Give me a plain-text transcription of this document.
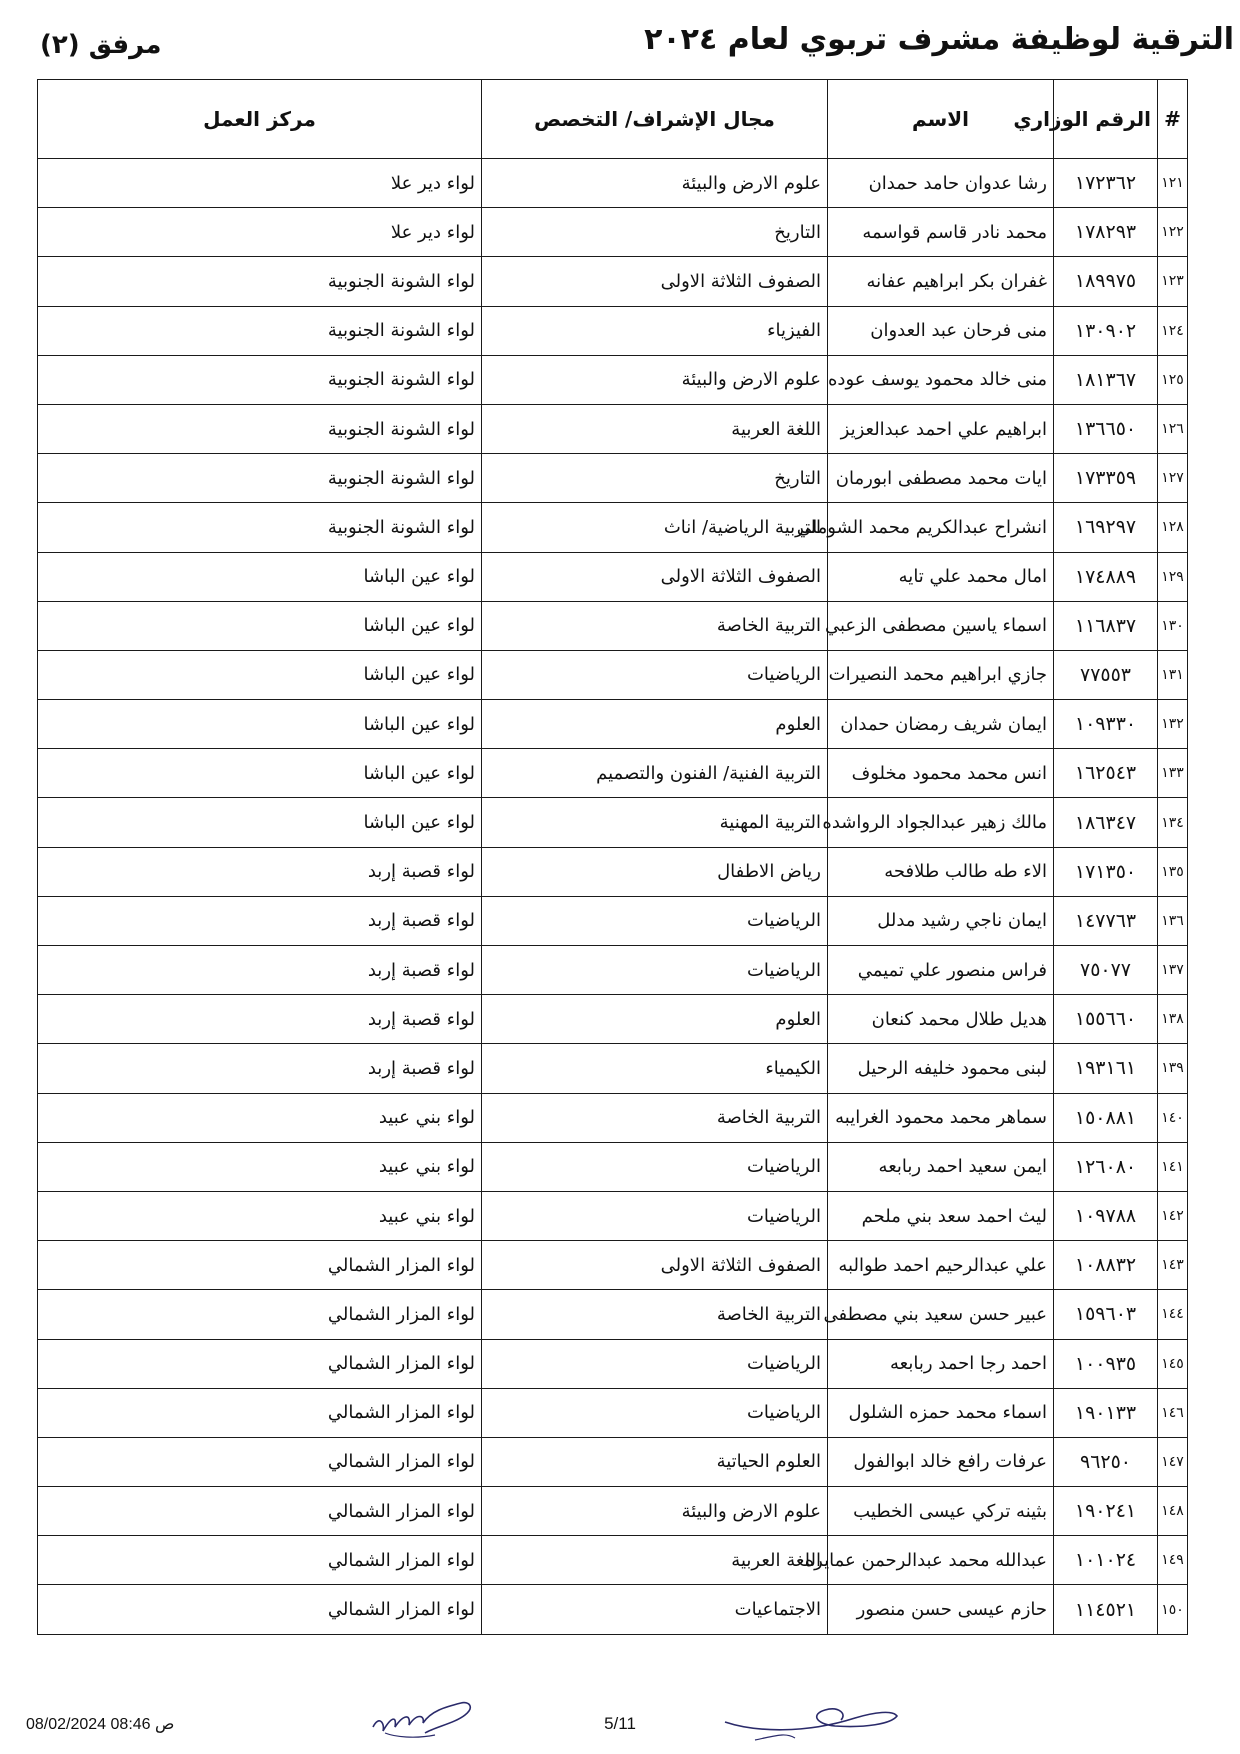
الترقية لوظيفة مشرف تربوي لعام ٢٠٢٤
مرفق (٢)
#	الرقم الوزاري	الاسم	مجال الإشراف/ التخصص	مركز العمل
١٢١	١٧٢٣٦٢	رشا عدوان حامد حمدان	علوم الارض والبيئة	لواء دير علا
١٢٢	١٧٨٢٩٣	محمد نادر قاسم قواسمه	التاريخ	لواء دير علا
١٢٣	١٨٩٩٧٥	غفران بكر ابراهيم عفانه	الصفوف الثلاثة الاولى	لواء الشونة الجنوبية
١٢٤	١٣٠٩٠٢	منى فرحان عبد العدوان	الفيزياء	لواء الشونة الجنوبية
١٢٥	١٨١٣٦٧	منى خالد محمود يوسف عوده	علوم الارض والبيئة	لواء الشونة الجنوبية
١٢٦	١٣٦٦٥٠	ابراهيم علي احمد عبدالعزيز	اللغة العربية	لواء الشونة الجنوبية
١٢٧	١٧٣٣٥٩	ايات محمد مصطفى ابورمان	التاريخ	لواء الشونة الجنوبية
١٢٨	١٦٩٢٩٧	انشراح عبدالكريم محمد الشوملي	التربية الرياضية/ اناث	لواء الشونة الجنوبية
١٢٩	١٧٤٨٨٩	امال محمد علي تايه	الصفوف الثلاثة الاولى	لواء عين الباشا
١٣٠	١١٦٨٣٧	اسماء ياسين مصطفى الزعبي	التربية الخاصة	لواء عين الباشا
١٣١	٧٧٥٥٣	جازي ابراهيم محمد النصيرات	الرياضيات	لواء عين الباشا
١٣٢	١٠٩٣٣٠	ايمان شريف رمضان حمدان	العلوم	لواء عين الباشا
١٣٣	١٦٢٥٤٣	انس محمد محمود مخلوف	التربية الفنية/ الفنون والتصميم	لواء عين الباشا
١٣٤	١٨٦٣٤٧	مالك زهير عبدالجواد الرواشده	التربية المهنية	لواء عين الباشا
١٣٥	١٧١٣٥٠	الاء طه طالب طلافحه	رياض الاطفال	لواء قصبة إربد
١٣٦	١٤٧٧٦٣	ايمان ناجي رشيد مدلل	الرياضيات	لواء قصبة إربد
١٣٧	٧٥٠٧٧	فراس منصور علي تميمي	الرياضيات	لواء قصبة إربد
١٣٨	١٥٥٦٦٠	هديل طلال محمد كنعان	العلوم	لواء قصبة إربد
١٣٩	١٩٣١٦١	لبنى محمود خليفه الرحيل	الكيمياء	لواء قصبة إربد
١٤٠	١٥٠٨٨١	سماهر محمد محمود الغرايبه	التربية الخاصة	لواء بني عبيد
١٤١	١٢٦٠٨٠	ايمن سعيد احمد ربابعه	الرياضيات	لواء بني عبيد
١٤٢	١٠٩٧٨٨	ليث احمد سعد بني ملحم	الرياضيات	لواء بني عبيد
١٤٣	١٠٨٨٣٢	علي عبدالرحيم احمد طوالبه	الصفوف الثلاثة الاولى	لواء المزار الشمالي
١٤٤	١٥٩٦٠٣	عبير حسن سعيد بني مصطفى	التربية الخاصة	لواء المزار الشمالي
١٤٥	١٠٠٩٣٥	احمد رجا احمد ربابعه	الرياضيات	لواء المزار الشمالي
١٤٦	١٩٠١٣٣	اسماء محمد حمزه الشلول	الرياضيات	لواء المزار الشمالي
١٤٧	٩٦٢٥٠	عرفات رافع خالد ابوالفول	العلوم الحياتية	لواء المزار الشمالي
١٤٨	١٩٠٢٤١	بثينه تركي عيسى الخطيب	علوم الارض والبيئة	لواء المزار الشمالي
١٤٩	١٠١٠٢٤	عبدالله محمد عبدالرحمن عمايره	اللغة العربية	لواء المزار الشمالي
١٥٠	١١٤٥٢١	حازم عيسى حسن منصور	الاجتماعيات	لواء المزار الشمالي
5/11
08/02/2024 08:46 ص
